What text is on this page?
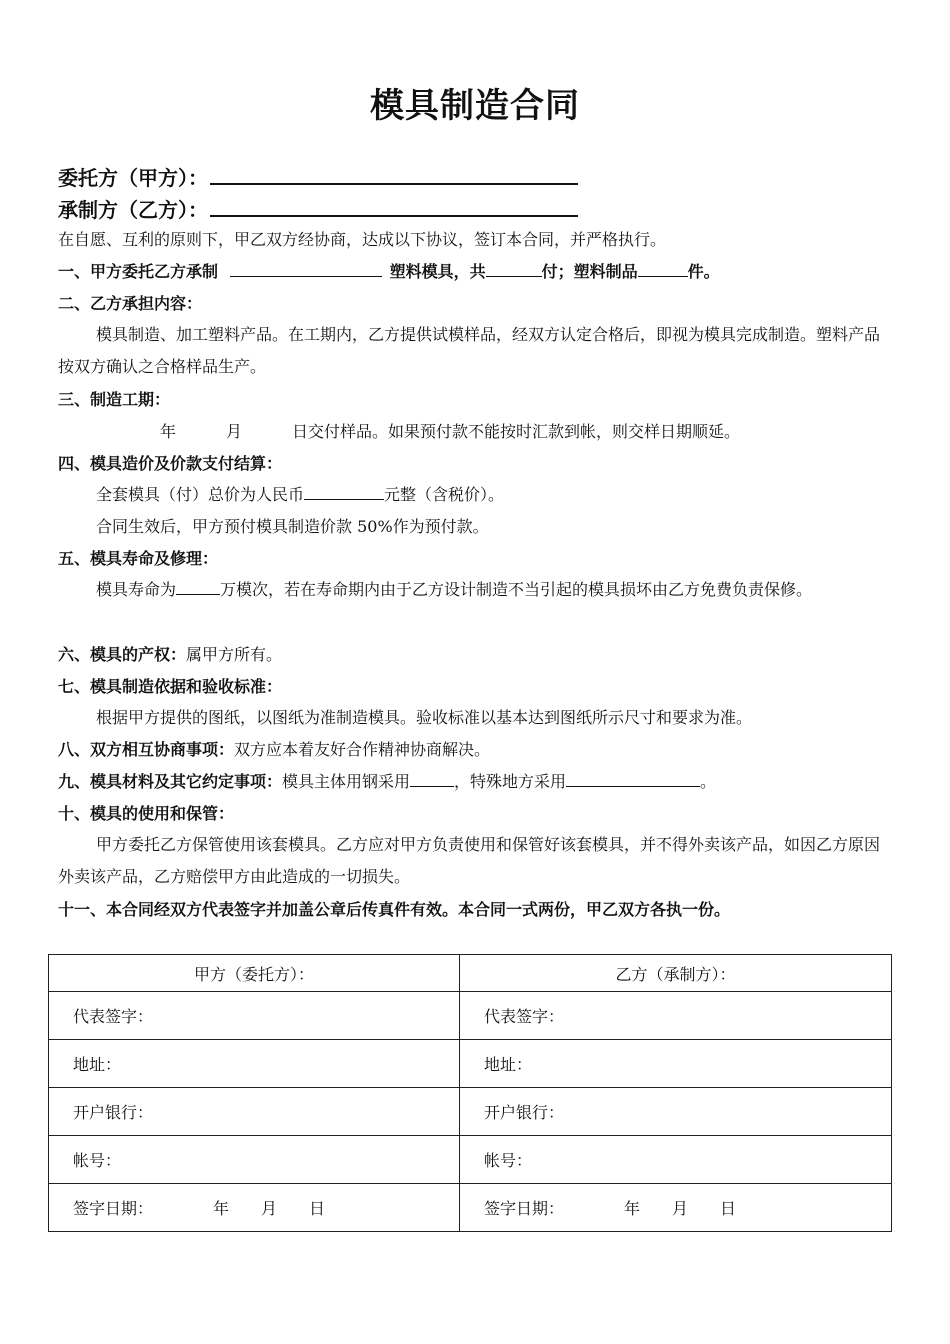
模具制造合同
委托方（甲方）：
承制方（乙方）：
在自愿、互利的原则下，甲乙双方经协商，达成以下协议，签订本合同，并严格执行。
一、甲方委托乙方承制	塑料模具，共	付；塑料制品	件。
二、乙方承担内容：
模具制造、加工塑料产品。在工期内，乙方提供试模样品，经双方认定合格后，即视为模具完成制造。塑料产品按双方确认之合格样品生产。
三、制造工期：
年	月	日交付样品。如果预付款不能按时汇款到帐，则交样日期顺延。
四、模具造价及价款支付结算：
全套模具（付）总价为人民币	元整（含税价）。
合同生效后，甲方预付模具制造价款 50%作为预付款。
五、模具寿命及修理：
模具寿命为	万模次，若在寿命期内由于乙方设计制造不当引起的模具损坏由乙方免费负责保修。
六、模具的产权：属甲方所有。
七、模具制造依据和验收标准：
根据甲方提供的图纸，以图纸为准制造模具。验收标准以基本达到图纸所示尺寸和要求为准。
八、双方相互协商事项：双方应本着友好合作精神协商解决。
九、模具材料及其它约定事项：模具主体用钢采用	，特殊地方采用	。
十、模具的使用和保管：
甲方委托乙方保管使用该套模具。乙方应对甲方负责使用和保管好该套模具，并不得外卖该产品，如因乙方原因外卖该产品，乙方赔偿甲方由此造成的一切损失。
十一、本合同经双方代表签字并加盖公章后传真件有效。本合同一式两份，甲乙双方各执一份。
甲方（委托方）：	乙方（承制方）：
代表签字：	代表签字：
地址：	地址：
开户银行：	开户银行：
帐号：	帐号：
签字日期： 年 月 日	签字日期： 年 月 日
